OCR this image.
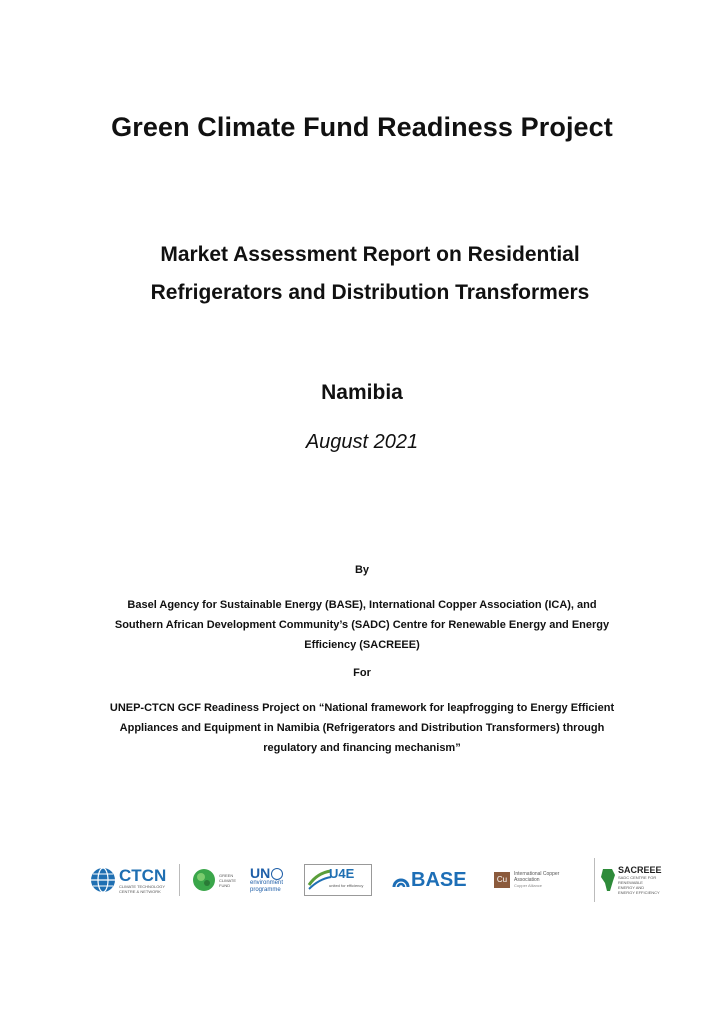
Green Climate Fund Readiness Project
Market Assessment Report on Residential
Refrigerators and Distribution Transformers
Namibia
August 2021
By
Basel Agency for Sustainable Energy (BASE), International Copper Association (ICA), and
Southern African Development Community’s (SADC) Centre for Renewable Energy and Energy
Efficiency (SACREEE)
For
UNEP-CTCN GCF Readiness Project on “National framework for leapfrogging to Energy Efficient
Appliances and Equipment in Namibia (Refrigerators and Distribution Transformers) through
regulatory and financing mechanism”
CTCN
CLIMATE TECHNOLOGY CENTRE & NETWORK
GREEN CLIMATE FUND
UN
environment
programme
U4E
united for efficiency BASE	Cu
International Copper
Association
Copper Alliance
SACREEE
SADC CENTRE FOR RENEWABLE ENERGY AND ENERGY EFFICIENCY
